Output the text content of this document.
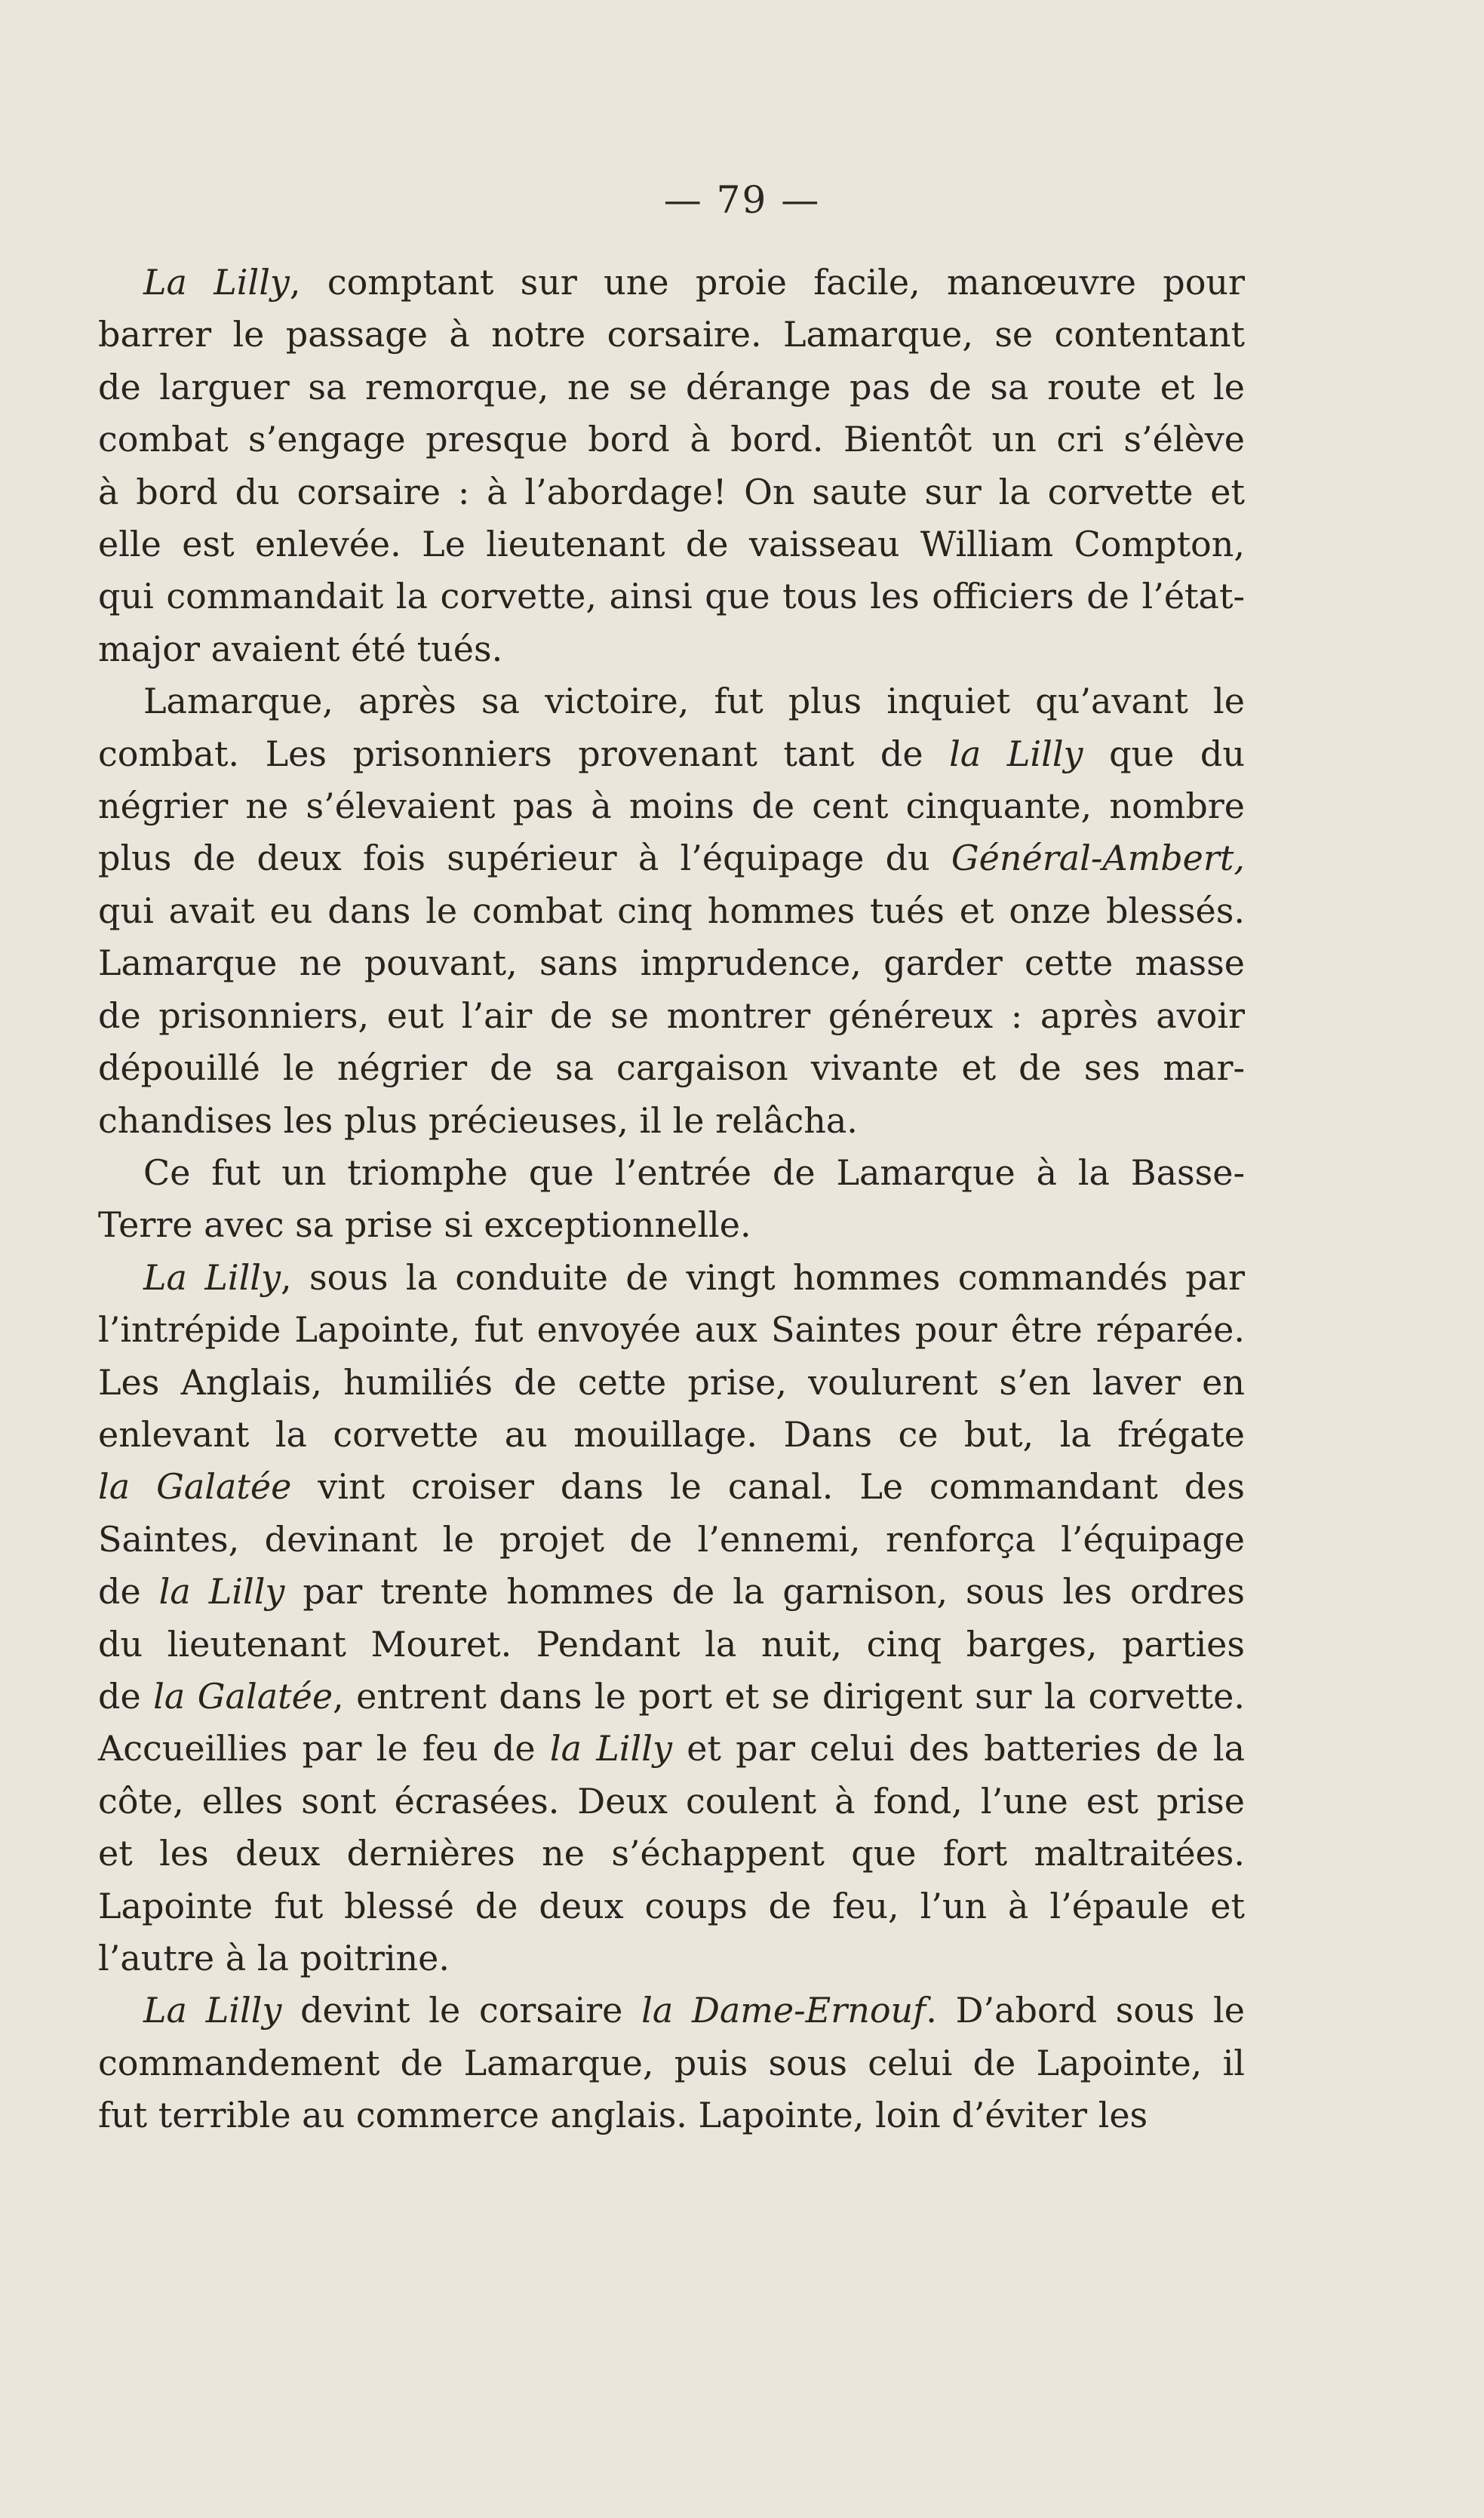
— 79 —

La Lilly, comptant sur une proie facile, manœuvre pour
barrer le passage à notre corsaire. Lamarque, se contentant
de larguer sa remorque, ne se dérange pas de sa route et le
combat s’engage presque bord à bord. Bientôt un cri s’élève
à bord du corsaire : à l’abordage! On saute sur la corvette et
elle est enlevée. Le lieutenant de vaisseau William Compton,
qui commandait la corvette, ainsi que tous les officiers de l’état-
major avaient été tués.

Lamarque, après sa victoire, fut plus inquiet qu’avant le
combat. Les prisonniers provenant tant de la Lilly que du
négrier ne s’élevaient pas à moins de cent cinquante, nombre
plus de deux fois supérieur à l’équipage du Général-Ambert,
qui avait eu dans le combat cinq hommes tués et onze blessés.
Lamarque ne pouvant, sans imprudence, garder cette masse
de prisonniers, eut l’air de se montrer généreux : après avoir
dépouillé le négrier de sa cargaison vivante et de ses mar-
chandises les plus précieuses, il le relâcha.

Ce fut un triomphe que l’entrée de Lamarque à la Basse-
Terre avec sa prise si exceptionnelle.

La Lilly, sous la conduite de vingt hommes commandés par
l’intrépide Lapointe, fut envoyée aux Saintes pour être réparée.
Les Anglais, humiliés de cette prise, voulurent s’en laver en
enlevant la corvette au mouillage. Dans ce but, la frégate
la Galatée vint croiser dans le canal. Le commandant des
Saintes, devinant le projet de l’ennemi, renforça l’équipage
de la Lilly par trente hommes de la garnison, sous les ordres
du lieutenant Mouret. Pendant la nuit, cinq barges, parties
de la Galatée, entrent dans le port et se dirigent sur la corvette.
Accueillies par le feu de la Lilly et par celui des batteries de la
côte, elles sont écrasées. Deux coulent à fond, l’une est prise
et les deux dernières ne s’échappent que fort maltraitées.
Lapointe fut blessé de deux coups de feu, l’un à l’épaule et
l’autre à la poitrine.

La Lilly devint le corsaire la Dame-Ernouf. D’abord sous le
commandement de Lamarque, puis sous celui de Lapointe, il
fut terrible au commerce anglais. Lapointe, loin d’éviter les
